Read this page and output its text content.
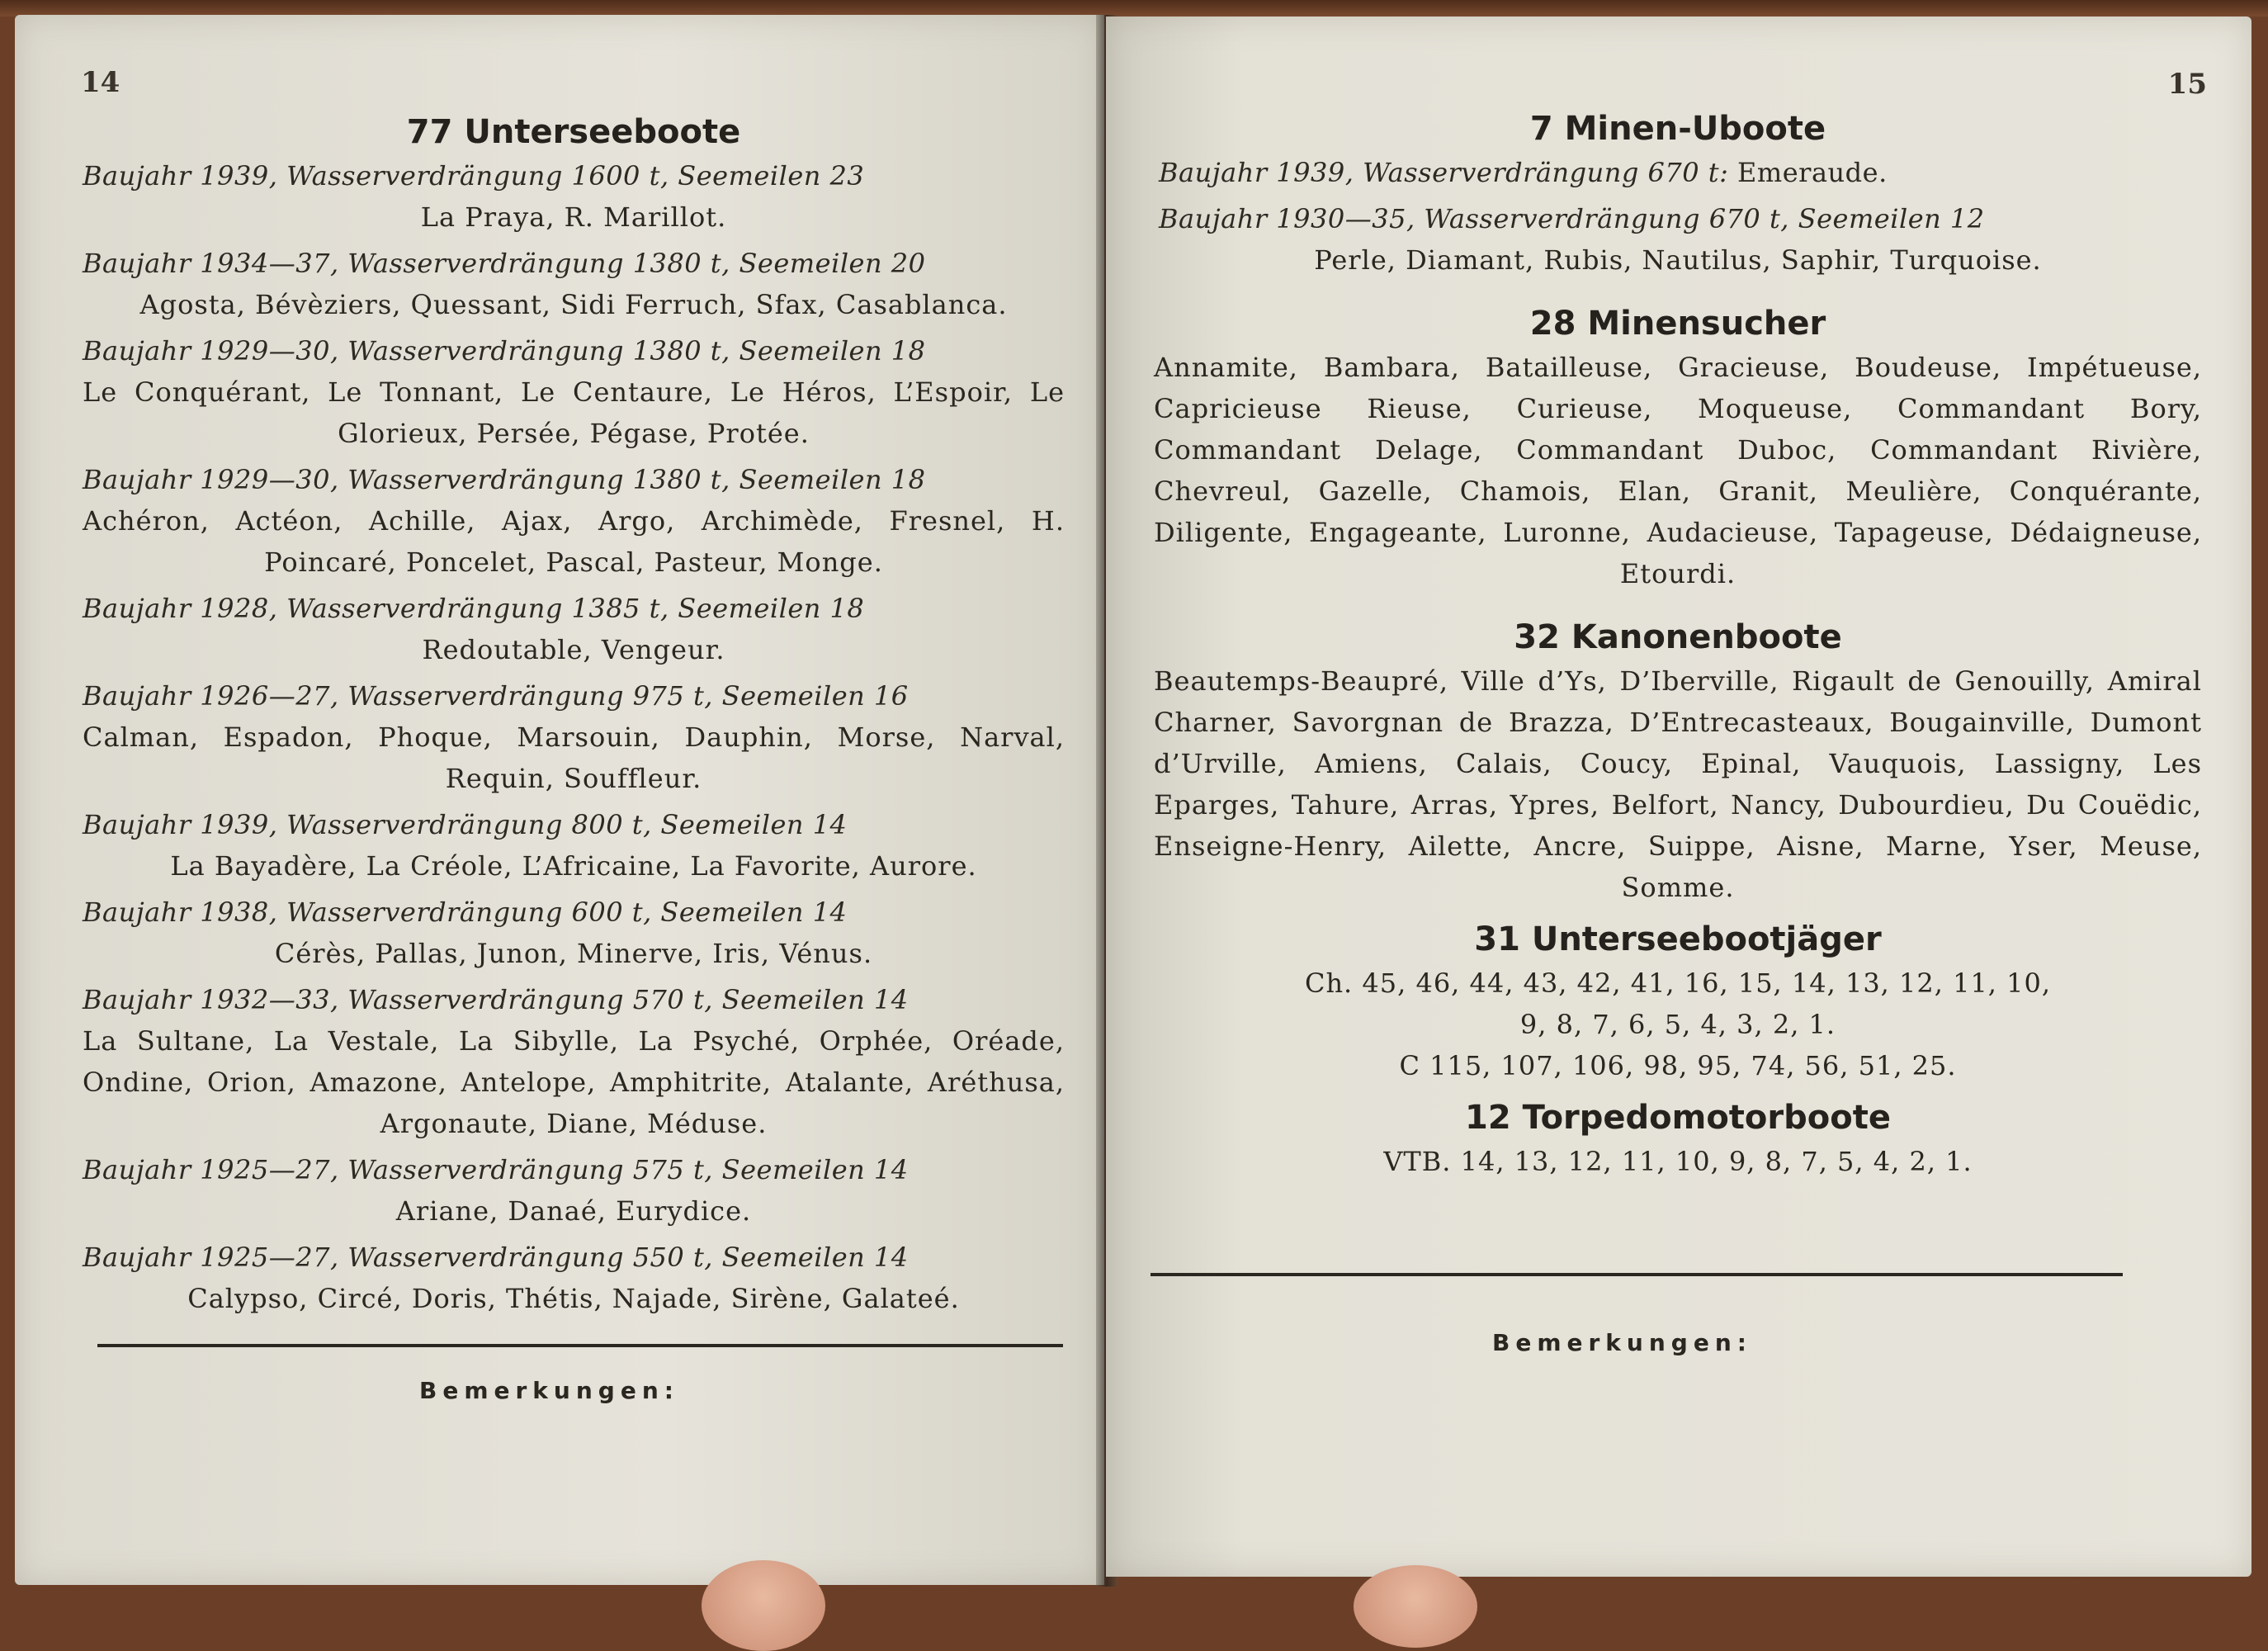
14
77 Unterseeboote
Baujahr 1939, Wasserverdrängung 1600 t, Seemeilen 23
La Praya, R. Marillot.
Baujahr 1934—37, Wasserverdrängung 1380 t, Seemeilen 20
Agosta, Bévèziers, Quessant, Sidi Ferruch, Sfax, Casablanca.
Baujahr 1929—30, Wasserverdrängung 1380 t, Seemeilen 18
Le Conquérant, Le Tonnant, Le Centaure, Le Héros, L’Espoir, Le Glorieux, Persée, Pégase, Protée.
Baujahr 1929—30, Wasserverdrängung 1380 t, Seemeilen 18
Achéron, Actéon, Achille, Ajax, Argo, Archimède, Fresnel, H. Poincaré, Poncelet, Pascal, Pasteur, Monge.
Baujahr 1928, Wasserverdrängung 1385 t, Seemeilen 18
Redoutable, Vengeur.
Baujahr 1926—27, Wasserverdrängung 975 t, Seemeilen 16
Calman, Espadon, Phoque, Marsouin, Dauphin, Morse, Narval, Requin, Souffleur.
Baujahr 1939, Wasserverdrängung 800 t, Seemeilen 14
La Bayadère, La Créole, L’Africaine, La Favorite, Aurore.
Baujahr 1938, Wasserverdrängung 600 t, Seemeilen 14
Cérès, Pallas, Junon, Minerve, Iris, Vénus.
Baujahr 1932—33, Wasserverdrängung 570 t, Seemeilen 14
La Sultane, La Vestale, La Sibylle, La Psyché, Orphée, Oréade, Ondine, Orion, Amazone, Antelope, Amphitrite, Atalante, Aréthusa, Argonaute, Diane, Méduse.
Baujahr 1925—27, Wasserverdrängung 575 t, Seemeilen 14
Ariane, Danaé, Eurydice.
Baujahr 1925—27, Wasserverdrängung 550 t, Seemeilen 14
Calypso, Circé, Doris, Thétis, Najade, Sirène, Galateé.
Bemerkungen:
15
7 Minen-Uboote
Baujahr 1939, Wasserverdrängung 670 t: Emeraude.
Baujahr 1930—35, Wasserverdrängung 670 t, Seemeilen 12
Perle, Diamant, Rubis, Nautilus, Saphir, Turquoise.
28 Minensucher
Annamite, Bambara, Batailleuse, Gracieuse, Boudeuse, Impétueuse, Capricieuse Rieuse, Curieuse, Moqueuse, Commandant Bory, Commandant Delage, Commandant Duboc, Commandant Rivière, Chevreul, Gazelle, Chamois, Elan, Granit, Meulière, Conquérante, Diligente, Engageante, Luronne, Audacieuse, Tapageuse, Dédaigneuse, Etourdi.
32 Kanonenboote
Beautemps-Beaupré, Ville d’Ys, D’Iberville, Rigault de Genouilly, Amiral Charner, Savorgnan de Brazza, D’Entrecasteaux, Bougainville, Dumont d’Urville, Amiens, Calais, Coucy, Epinal, Vauquois, Lassigny, Les Eparges, Tahure, Arras, Ypres, Belfort, Nancy, Dubourdieu, Du Couëdic, Enseigne-Henry, Ailette, Ancre, Suippe, Aisne, Marne, Yser, Meuse, Somme.
31 Unterseebootjäger
Ch. 45, 46, 44, 43, 42, 41, 16, 15, 14, 13, 12, 11, 10,
9, 8, 7, 6, 5, 4, 3, 2, 1.
C 115, 107, 106, 98, 95, 74, 56, 51, 25.
12 Torpedomotorboote
VTB. 14, 13, 12, 11, 10, 9, 8, 7, 5, 4, 2, 1.
Bemerkungen:
